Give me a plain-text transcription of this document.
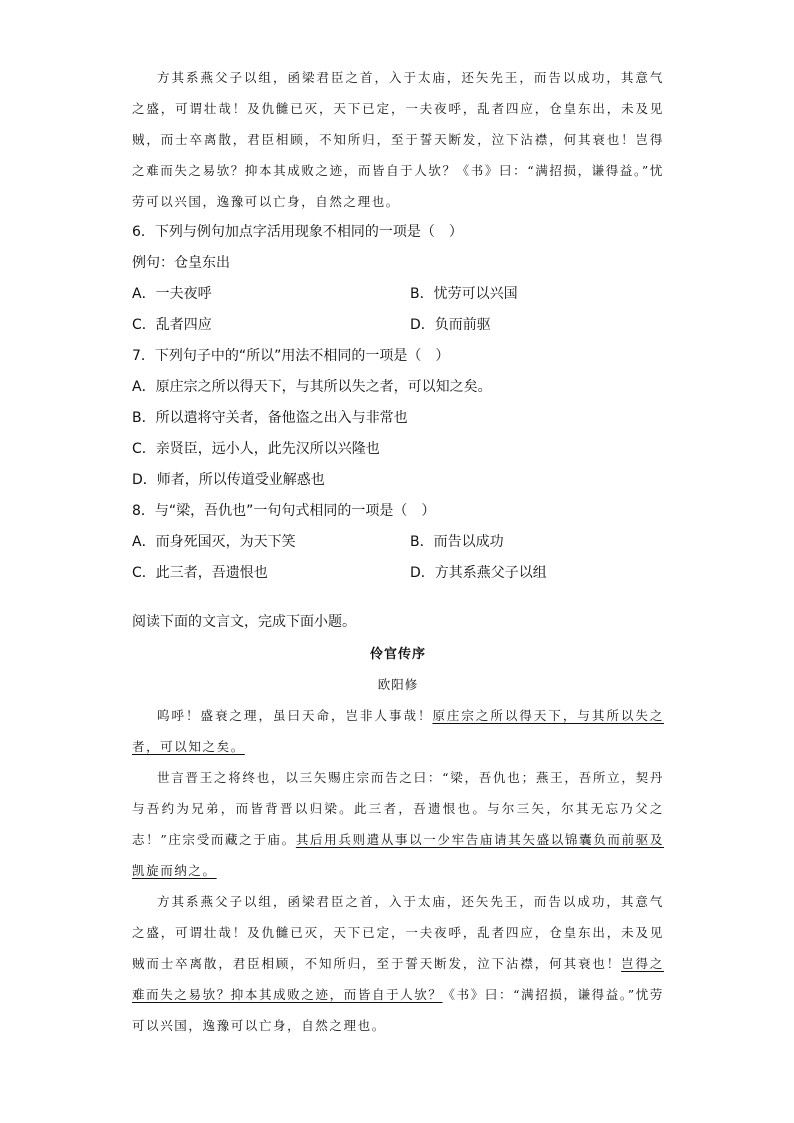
方其系燕父子以组，函梁君臣之首，入于太庙，还矢先王，而告以成功，其意气之盛，可谓壮哉！及仇雠已灭，天下已定，一夫夜呼，乱者四应，仓皇东出，未及见贼，而士卒离散，君臣相顾，不知所归，至于誓天断发，泣下沾襟，何其衰也！岂得之难而失之易欤？抑本其成败之迹，而皆自于人欤？《书》曰：“满招损，谦得益。”忧劳可以兴国，逸豫可以亡身，自然之理也。

6．下列与例句加点字活用现象不相同的一项是（　）

例句：仓皇东出

A．一夫夜呼	B．忧劳可以兴国
C．乱者四应	D．负而前驱

7．下列句子中的“所以”用法不相同的一项是（　）

A．原庄宗之所以得天下，与其所以失之者，可以知之矣。
B．所以遣将守关者，备他盗之出入与非常也
C．亲贤臣，远小人，此先汉所以兴隆也
D．师者，所以传道受业解惑也

8．与“梁，吾仇也”一句句式相同的一项是（　）

A．而身死国灭，为天下笑	B．而告以成功
C．此三者，吾遗恨也	D．方其系燕父子以组

阅读下面的文言文，完成下面小题。

伶官传序

欧阳修

呜呼！盛衰之理，虽曰天命，岂非人事哉！原庄宗之所以得天下，与其所以失之者，可以知之矣。

世言晋王之将终也，以三矢赐庄宗而告之曰：“梁，吾仇也；燕王，吾所立，契丹与吾约为兄弟，而皆背晋以归梁。此三者，吾遗恨也。与尔三矢，尔其无忘乃父之志！”庄宗受而藏之于庙。其后用兵则遣从事以一少牢告庙请其矢盛以锦囊负而前驱及凯旋而纳之。

方其系燕父子以组，函梁君臣之首，入于太庙，还矢先王，而告以成功，其意气之盛，可谓壮哉！及仇雠已灭，天下已定，一夫夜呼，乱者四应，仓皇东出，未及见贼而士卒离散，君臣相顾，不知所归，至于誓天断发，泣下沾襟，何其衰也！岂得之难而失之易欤？抑本其成败之迹，而皆自于人欤？《书》曰：“满招损，谦得益。”忧劳可以兴国，逸豫可以亡身，自然之理也。
